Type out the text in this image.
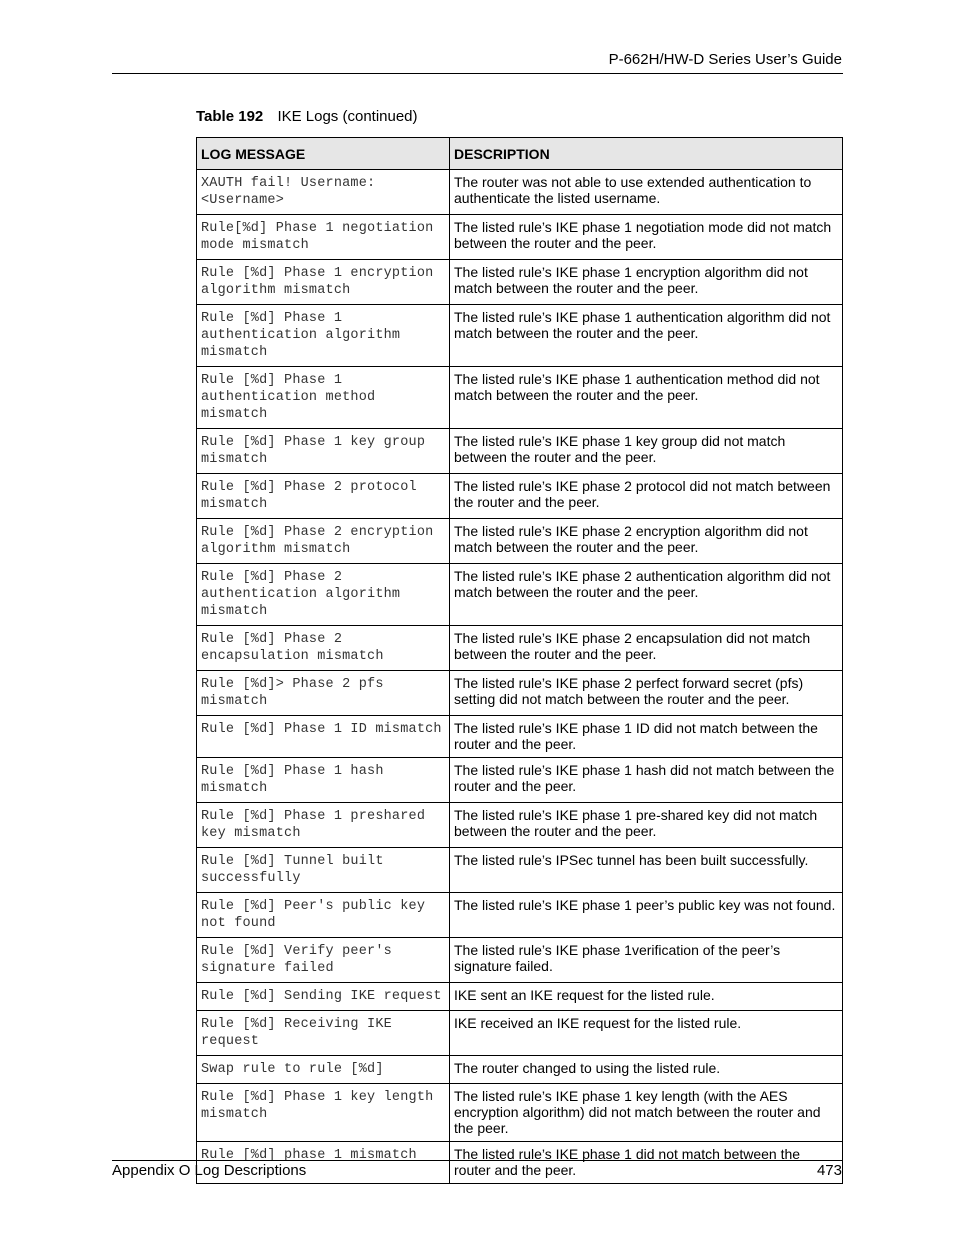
P-662H/HW-D Series User’s Guide
Table 192 IKE Logs (continued)
LOG MESSAGE	DESCRIPTION
XAUTH fail! Username: <Username>	The router was not able to use extended authentication to authenticate the listed username.
Rule[%d] Phase 1 negotiation mode mismatch	The listed rule’s IKE phase 1 negotiation mode did not match between the router and the peer.
Rule [%d] Phase 1 encryption algorithm mismatch	The listed rule’s IKE phase 1 encryption algorithm did not match between the router and the peer.
Rule [%d] Phase 1 authentication algorithm mismatch	The listed rule’s IKE phase 1 authentication algorithm did not match between the router and the peer.
Rule [%d] Phase 1 authentication method mismatch	The listed rule’s IKE phase 1 authentication method did not match between the router and the peer.
Rule [%d] Phase 1 key group mismatch	The listed rule’s IKE phase 1 key group did not match between the router and the peer.
Rule [%d] Phase 2 protocol mismatch	The listed rule’s IKE phase 2 protocol did not match between the router and the peer.
Rule [%d] Phase 2 encryption algorithm mismatch	The listed rule’s IKE phase 2 encryption algorithm did not match between the router and the peer.
Rule [%d] Phase 2 authentication algorithm mismatch	The listed rule’s IKE phase 2 authentication algorithm did not match between the router and the peer.
Rule [%d] Phase 2 encapsulation mismatch	The listed rule’s IKE phase 2 encapsulation did not match between the router and the peer.
Rule [%d]> Phase 2 pfs mismatch	The listed rule’s IKE phase 2 perfect forward secret (pfs) setting did not match between the router and the peer.
Rule [%d] Phase 1 ID mismatch	The listed rule’s IKE phase 1 ID did not match between the router and the peer.
Rule [%d] Phase 1 hash mismatch	The listed rule’s IKE phase 1 hash did not match between the router and the peer.
Rule [%d] Phase 1 preshared key mismatch	The listed rule’s IKE phase 1 pre-shared key did not match between the router and the peer.
Rule [%d] Tunnel built successfully	The listed rule’s IPSec tunnel has been built successfully.
Rule [%d] Peer's public key not found	The listed rule’s IKE phase 1 peer’s public key was not found.
Rule [%d] Verify peer's signature failed	The listed rule’s IKE phase 1verification of the peer’s signature failed.
Rule [%d] Sending IKE request	IKE sent an IKE request for the listed rule.
Rule [%d] Receiving IKE request	IKE received an IKE request for the listed rule.
Swap rule to rule [%d]	The router changed to using the listed rule.
Rule [%d] Phase 1 key length mismatch	The listed rule’s IKE phase 1 key length (with the AES encryption algorithm) did not match between the router and the peer.
Rule [%d] phase 1 mismatch	The listed rule’s IKE phase 1 did not match between the router and the peer.
Appendix O Log Descriptions	473
